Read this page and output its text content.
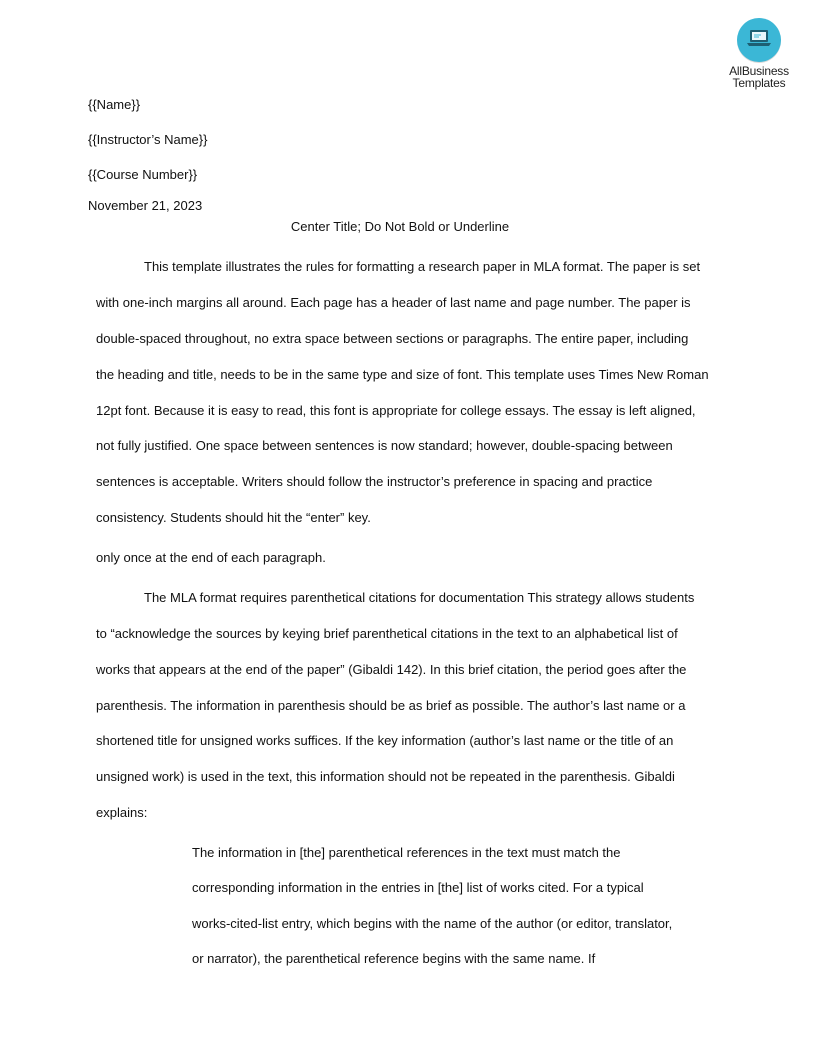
AllBusiness
Templates
{{Name}}
{{Instructor’s Name}}
{{Course Number}}
November 21, 2023
Center Title; Do Not Bold or Underline
This template illustrates the rules for formatting a research paper in MLA format. The paper is set
with one-inch margins all around. Each page has a header of last name and page number. The paper is
double-spaced throughout, no extra space between sections or paragraphs. The entire paper, including
the heading and title, needs to be in the same type and size of font. This template uses Times New Roman
12pt font. Because it is easy to read, this font is appropriate for college essays. The essay is left aligned,
not fully justified. One space between sentences is now standard; however, double-spacing between
sentences is acceptable. Writers should follow the instructor’s preference in spacing and practice
consistency. Students should hit the “enter” key.
only once at the end of each paragraph.
The MLA format requires parenthetical citations for documentation This strategy allows students
to “acknowledge the sources by keying brief parenthetical citations in the text to an alphabetical list of
works that appears at the end of the paper” (Gibaldi 142). In this brief citation, the period goes after the
parenthesis. The information in parenthesis should be as brief as possible. The author’s last name or a
shortened title for unsigned works suffices. If the key information (author’s last name or the title of an
unsigned work) is used in the text, this information should not be repeated in the parenthesis. Gibaldi
explains:
The information in [the] parenthetical references in the text must match the
corresponding information in the entries in [the] list of works cited. For a typical
works-cited-list entry, which begins with the name of the author (or editor, translator,
or narrator), the parenthetical reference begins with the same name. If
